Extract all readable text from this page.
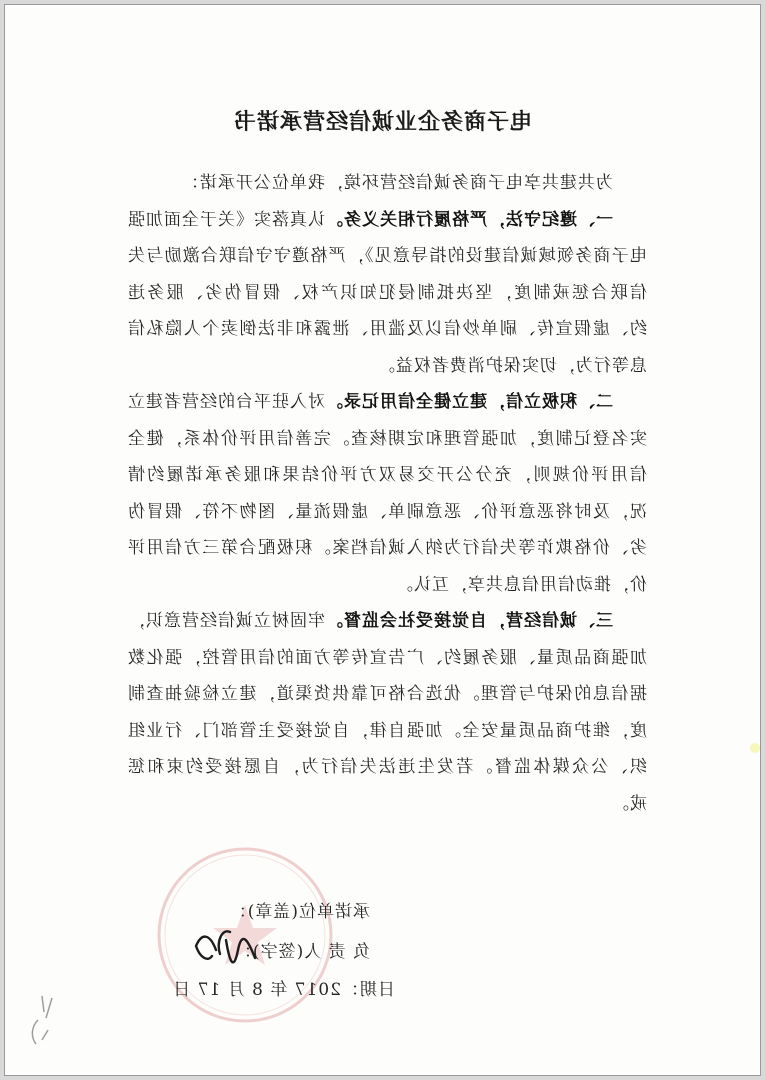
电子商务企业诚信经营承诺书

为共建共享电子商务诚信经营环境，我单位公开承诺：

一、遵纪守法，严格履行相关义务。认真落实《关于全面加强电子商务领域诚信建设的指导意见》，严格遵守守信联合激励与失信联合惩戒制度，坚决抵制侵犯知识产权、假冒伪劣、服务违约、虚假宣传、刷单炒信以及滥用、泄露和非法倒卖个人隐私信息等行为，切实保护消费者权益。

二、积极立信，建立健全信用记录。对入驻平台的经营者建立实名登记制度，加强管理和定期核查。完善信用评价体系，健全信用评价规则，充分公开交易双方评价结果和服务承诺履约情况，及时将恶意评价、恶意刷单、虚假流量、图物不符、假冒伪劣、价格欺诈等失信行为纳入诚信档案。积极配合第三方信用评价，推动信用信息共享，互认。

三、诚信经营，自觉接受社会监督。牢固树立诚信经营意识，加强商品质量、服务履约、广告宣传等方面的信用管控，强化数据信息的保护与管理。优选合格可靠供货渠道，建立检验抽查制度，维护商品质量安全。加强自律，自觉接受主管部门、行业组织、公众媒体监督。若发生违法失信行为，自愿接受约束和惩戒。

承诺单位(盖章)：
负 责 人(签字)：
日期：2017 年 8 月 17 日
